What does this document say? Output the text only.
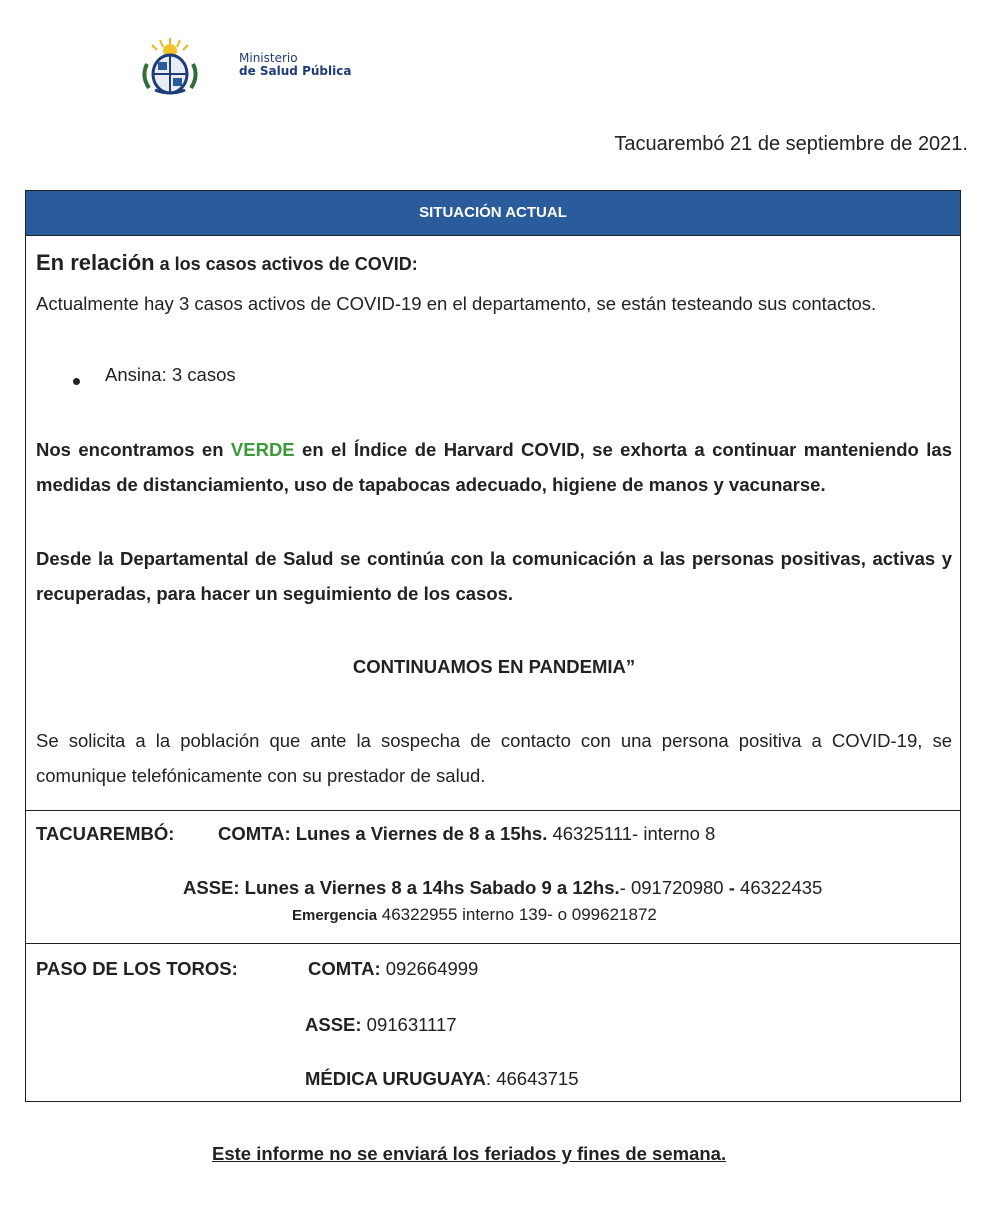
Ministerio
de Salud Pública
Tacuarembó 21 de septiembre de 2021.
SITUACIÓN ACTUAL
En relación a los casos activos de COVID:
Actualmente hay 3 casos activos de COVID-19 en el departamento, se están testeando sus contactos.
Ansina: 3 casos
Nos encontramos en VERDE en el Índice de Harvard COVID, se exhorta a continuar manteniendo las medidas de distanciamiento, uso de tapabocas adecuado, higiene de manos y vacunarse.
Desde la Departamental de Salud se continúa con la comunicación a las personas positivas, activas y recuperadas, para hacer un seguimiento de los casos.
CONTINUAMOS EN PANDEMIA”
Se solicita a la población que ante la sospecha de contacto con una persona positiva a COVID-19, se comunique telefónicamente con su prestador de salud.
TACUAREMBÓ: COMTA: Lunes a Viernes de 8 a 15hs. 46325111- interno 8
ASSE: Lunes a Viernes 8 a 14hs Sabado 9 a 12hs.- 091720980 - 46322435
Emergencia 46322955 interno 139- o 099621872
PASO DE LOS TOROS:	COMTA: 092664999
ASSE: 091631117
MÉDICA URUGUAYA: 46643715
Este informe no se enviará los feriados y fines de semana.
